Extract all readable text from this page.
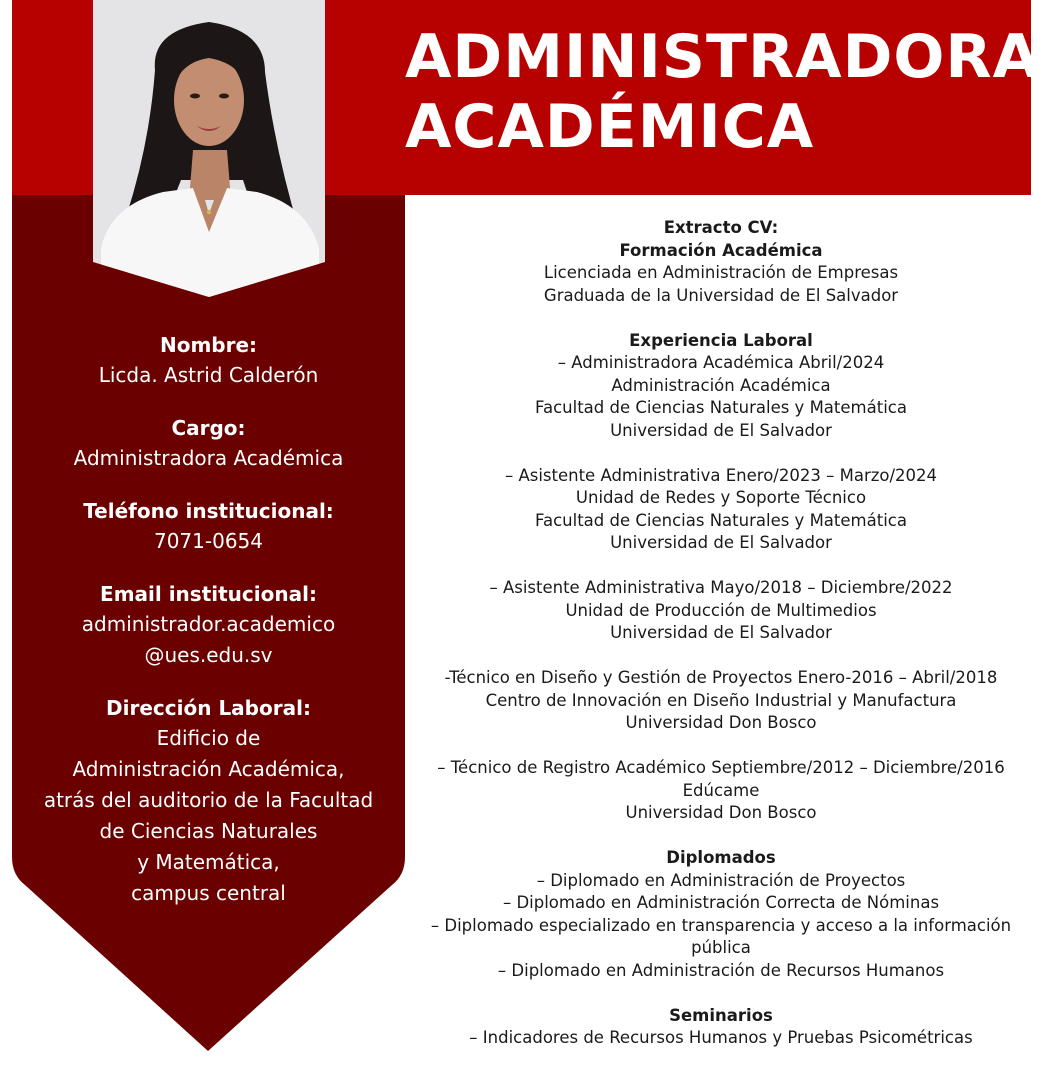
ADMINISTRADORA
ACADÉMICA
Nombre:
Licda. Astrid Calderón
Cargo:
Administradora Académica
Teléfono institucional:
7071-0654
Email institucional:
administrador.academico
@ues.edu.sv
Dirección Laboral:
Edificio de
Administración Académica,
atrás del auditorio de la Facultad
de Ciencias Naturales
y Matemática,
campus central
Extracto CV:
Formación Académica
Licenciada en Administración de Empresas
Graduada de la Universidad de El Salvador
Experiencia Laboral
– Administradora Académica Abril/2024
Administración Académica
Facultad de Ciencias Naturales y Matemática
Universidad de El Salvador
– Asistente Administrativa Enero/2023 – Marzo/2024
Unidad de Redes y Soporte Técnico
Facultad de Ciencias Naturales y Matemática
Universidad de El Salvador
– Asistente Administrativa Mayo/2018 – Diciembre/2022
Unidad de Producción de Multimedios
Universidad de El Salvador
-Técnico en Diseño y Gestión de Proyectos Enero-2016 – Abril/2018
Centro de Innovación en Diseño Industrial y Manufactura
Universidad Don Bosco
– Técnico de Registro Académico Septiembre/2012 – Diciembre/2016
Edúcame
Universidad Don Bosco
Diplomados
– Diplomado en Administración de Proyectos
– Diplomado en Administración Correcta de Nóminas
– Diplomado especializado en transparencia y acceso a la información pública
– Diplomado en Administración de Recursos Humanos
Seminarios
– Indicadores de Recursos Humanos y Pruebas Psicométricas
